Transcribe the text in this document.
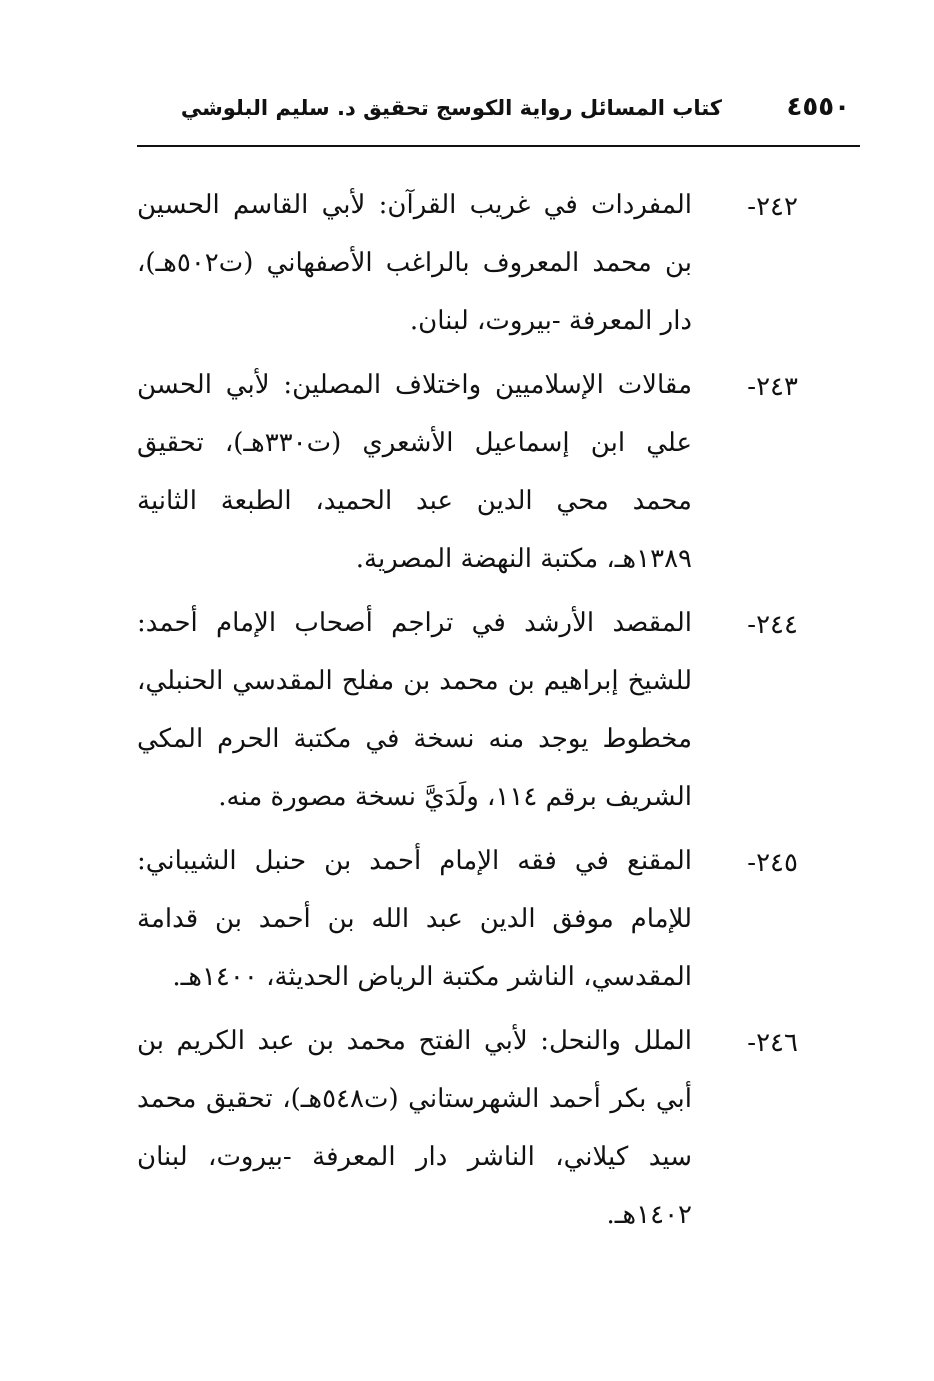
٤٥٥٠
كتاب المسائل رواية الكوسج تحقيق د. سليم البلوشي
٢٤٢-
المفردات في غريب القرآن: لأبي القاسم الحسين بن محمد المعروف بالراغب الأصفهاني (ت٥٠٢هـ)، دار المعرفة -بيروت، لبنان.
٢٤٣-
مقالات الإسلاميين واختلاف المصلين: لأبي الحسن علي ابن إسماعيل الأشعري (ت٣٣٠هـ)، تحقيق محمد محي الدين عبد الحميد، الطبعة الثانية ١٣٨٩هـ، مكتبة النهضة المصرية.
٢٤٤-
المقصد الأرشد في تراجم أصحاب الإمام أحمد: للشيخ إبراهيم بن محمد بن مفلح المقدسي الحنبلي، مخطوط يوجد منه نسخة في مكتبة الحرم المكي الشريف برقم ١١٤، ولَدَيَّ نسخة مصورة منه.
٢٤٥-
المقنع في فقه الإمام أحمد بن حنبل الشيباني: للإمام موفق الدين عبد الله بن أحمد بن قدامة المقدسي، الناشر مكتبة الرياض الحديثة، ١٤٠٠هـ.
٢٤٦-
الملل والنحل: لأبي الفتح محمد بن عبد الكريم بن أبي بكر أحمد الشهرستاني (ت٥٤٨هـ)، تحقيق محمد سيد كيلاني، الناشر دار المعرفة -بيروت، لبنان ١٤٠٢هـ.
